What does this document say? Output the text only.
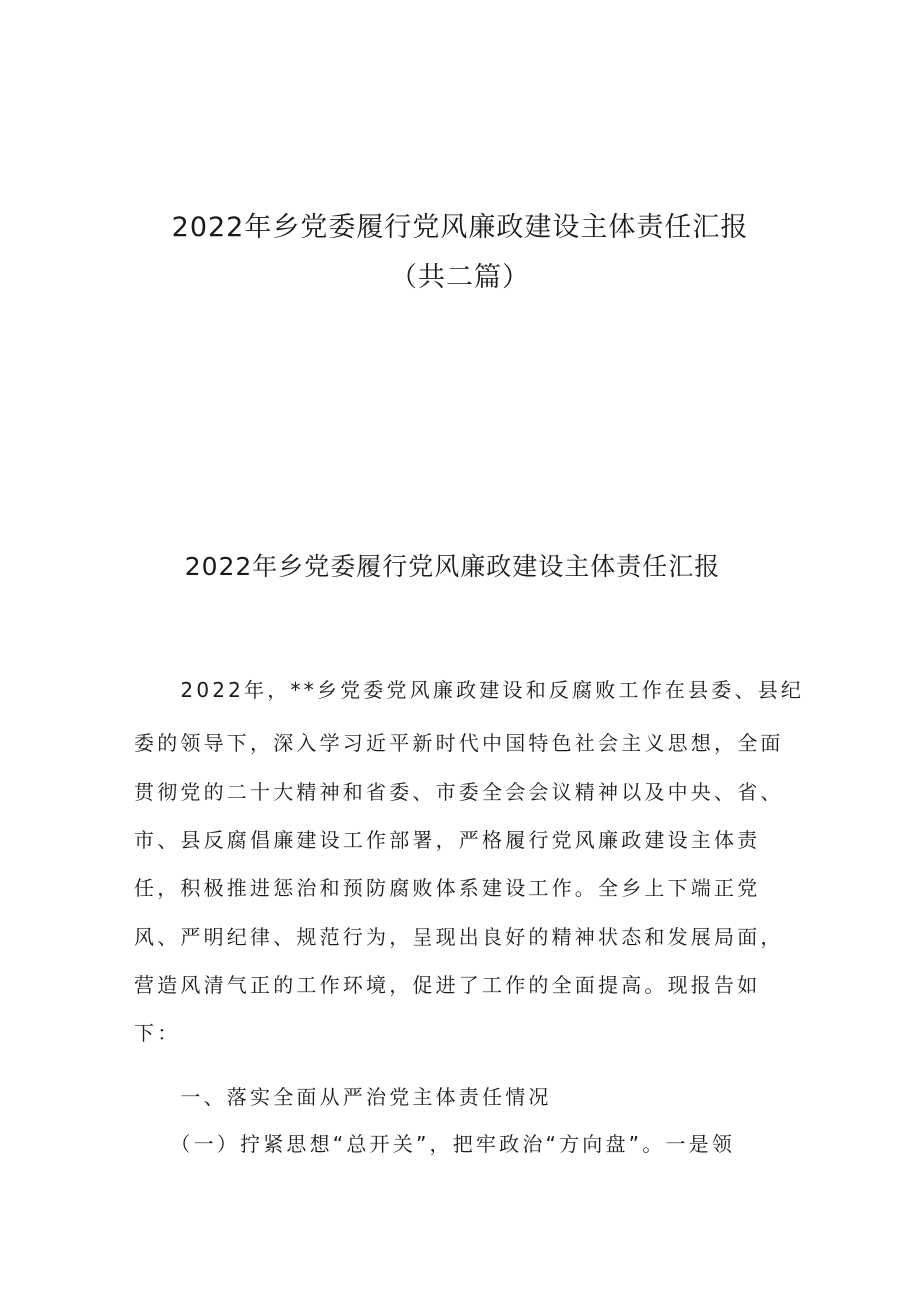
2022年乡党委履行党风廉政建设主体责任汇报
（共二篇）
2022年乡党委履行党风廉政建设主体责任汇报

　　2022年，**乡党委党风廉政建设和反腐败工作在县委、县纪

委的领导下，深入学习近平新时代中国特色社会主义思想，全面

贯彻党的二十大精神和省委、市委全会会议精神以及中央、省、

市、县反腐倡廉建设工作部署，严格履行党风廉政建设主体责

任，积极推进惩治和预防腐败体系建设工作。全乡上下端正党

风、严明纪律、规范行为，呈现出良好的精神状态和发展局面，

营造风清气正的工作环境，促进了工作的全面提高。现报告如

下：

　　一、落实全面从严治党主体责任情况

　　（一）拧紧思想“总开关”，把牢政治“方向盘”。一是领
